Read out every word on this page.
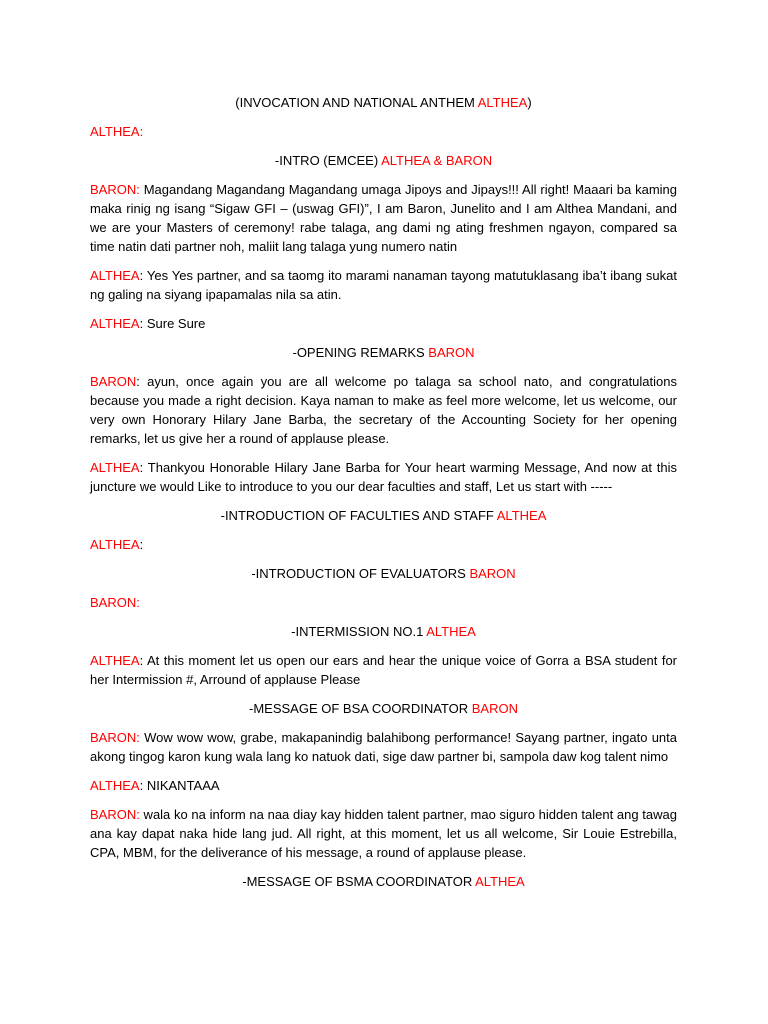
(INVOCATION AND NATIONAL ANTHEM ALTHEA)

ALTHEA:

-INTRO (EMCEE) ALTHEA & BARON

BARON: Magandang Magandang Magandang umaga Jipoys and Jipays!!! All right! Maaari ba kaming maka rinig ng isang “Sigaw GFI – (uswag GFI)”, I am Baron, Junelito and I am Althea Mandani, and we are your Masters of ceremony! rabe talaga, ang dami ng ating freshmen ngayon, compared sa time natin dati partner noh, maliit lang talaga yung numero natin

ALTHEA: Yes Yes partner, and sa taomg ito marami nanaman tayong matutuklasang iba’t ibang sukat ng galing na siyang ipapamalas nila sa atin.

ALTHEA: Sure Sure

-OPENING REMARKS BARON

BARON: ayun, once again you are all welcome po talaga sa school nato, and congratulations because you made a right decision. Kaya naman to make as feel more welcome, let us welcome, our very own Honorary Hilary Jane Barba, the secretary of the Accounting Society for her opening remarks, let us give her a round of applause please.

ALTHEA: Thankyou Honorable Hilary Jane Barba for Your heart warming Message, And now at this juncture we would Like to introduce to you our dear faculties and staff, Let us start with -----

-INTRODUCTION OF FACULTIES AND STAFF ALTHEA

ALTHEA:

-INTRODUCTION OF EVALUATORS BARON

BARON:

-INTERMISSION NO.1 ALTHEA

ALTHEA: At this moment let us open our ears and hear the unique voice of Gorra a BSA student for her Intermission #, Arround of applause Please

-MESSAGE OF BSA COORDINATOR BARON

BARON: Wow wow wow, grabe, makapanindig balahibong performance! Sayang partner, ingato unta akong tingog karon kung wala lang ko natuok dati, sige daw partner bi, sampola daw kog talent nimo

ALTHEA: NIKANTAAA

BARON: wala ko na inform na naa diay kay hidden talent partner, mao siguro hidden talent ang tawag ana kay dapat naka hide lang jud. All right, at this moment, let us all welcome, Sir Louie Estrebilla, CPA, MBM, for the deliverance of his message, a round of applause please.

-MESSAGE OF BSMA COORDINATOR ALTHEA
